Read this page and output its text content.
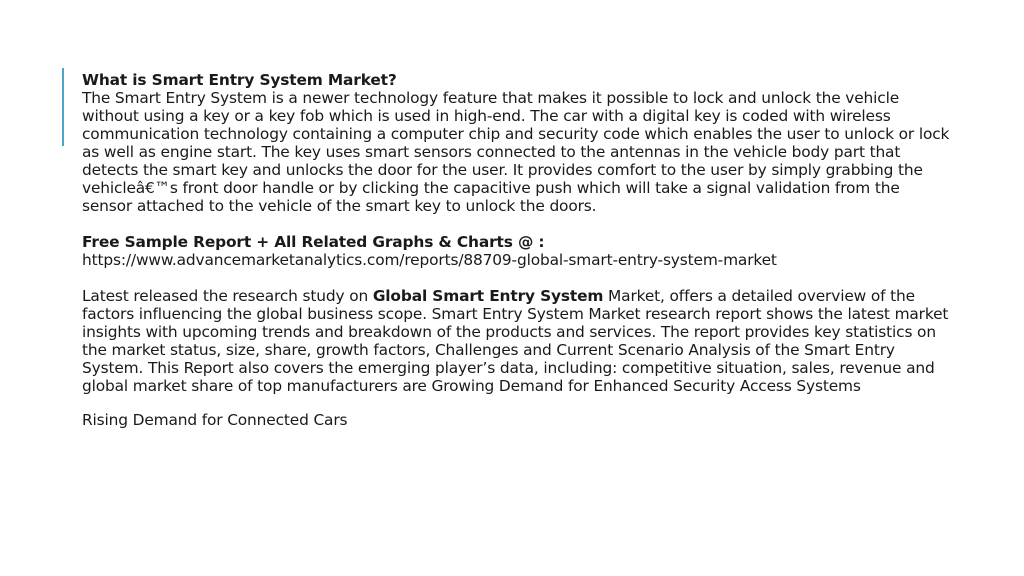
What is Smart Entry System Market?

The Smart Entry System is a newer technology feature that makes it possible to lock and unlock the vehicle without using a key or a key fob which is used in high-end. The car with a digital key is coded with wireless communication technology containing a computer chip and security code which enables the user to unlock or lock as well as engine start. The key uses smart sensors connected to the antennas in the vehicle body part that detects the smart key and unlocks the door for the user. It provides comfort to the user by simply grabbing the vehicleâ€™s front door handle or by clicking the capacitive push which will take a signal validation from the sensor attached to the vehicle of the smart key to unlock the doors.

Free Sample Report + All Related Graphs & Charts @ :

https://www.advancemarketanalytics.com/reports/88709-global-smart-entry-system-market

Latest released the research study on Global Smart Entry System Market, offers a detailed overview of the factors influencing the global business scope. Smart Entry System Market research report shows the latest market insights with upcoming trends and breakdown of the products and services. The report provides key statistics on the market status, size, share, growth factors, Challenges and Current Scenario Analysis of the Smart Entry System. This Report also covers the emerging player’s data, including: competitive situation, sales, revenue and global market share of top manufacturers are Growing Demand for Enhanced Security Access Systems

Rising Demand for Connected Cars
